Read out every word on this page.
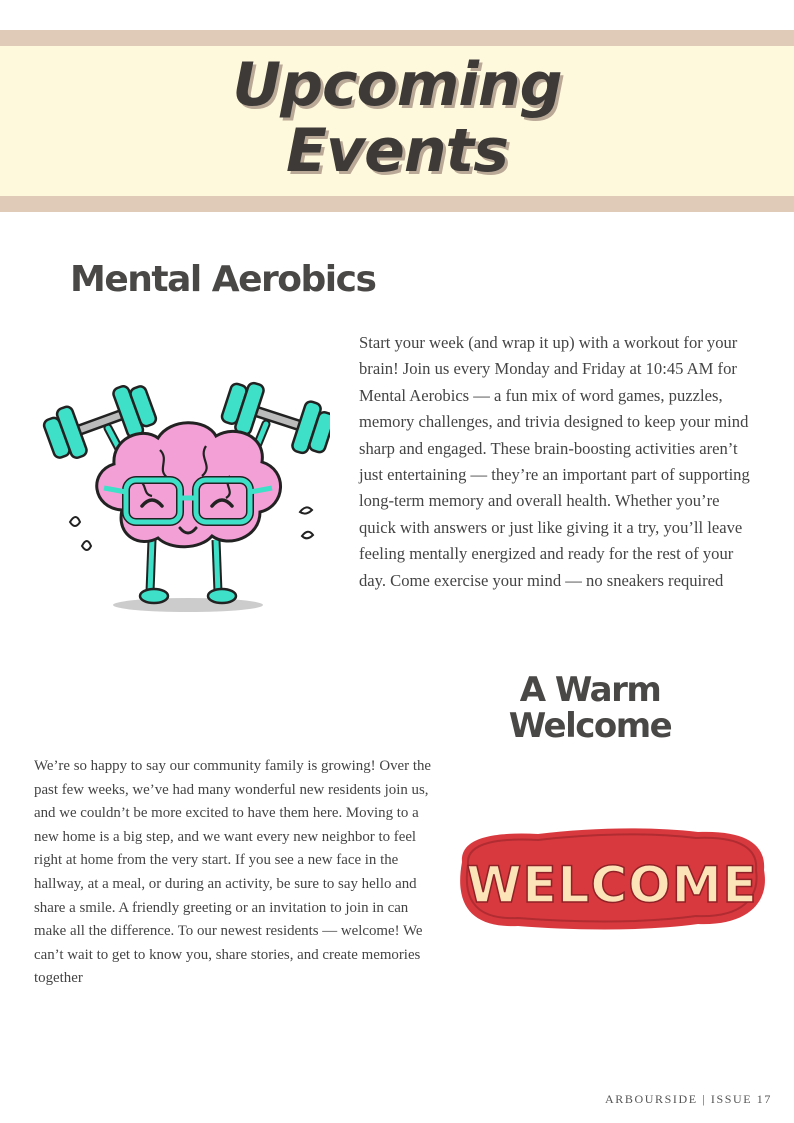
Upcoming
Events
Mental Aerobics

Start your week (and wrap it up) with a workout for your brain! Join us every Monday and Friday at 10:45 AM for Mental Aerobics — a fun mix of word games, puzzles, memory challenges, and trivia designed to keep your mind sharp and engaged. These brain-boosting activities aren’t just entertaining — they’re an important part of supporting long-term memory and overall health. Whether you’re quick with answers or just like giving it a try, you’ll leave feeling mentally energized and ready for the rest of your day. Come exercise your mind — no sneakers required

A Warm
Welcome

We’re so happy to say our community family is growing! Over the past few weeks, we’ve had many wonderful new residents join us, and we couldn’t be more excited to have them here. Moving to a new home is a big step, and we want every new neighbor to feel right at home from the very start. If you see a new face in the hallway, at a meal, or during an activity, be sure to say hello and share a smile. A friendly greeting or an invitation to join in can make all the difference. To our newest residents — welcome! We can’t wait to get to know you, share stories, and create memories together

WELCOME

ARBOURSIDE | ISSUE 17
